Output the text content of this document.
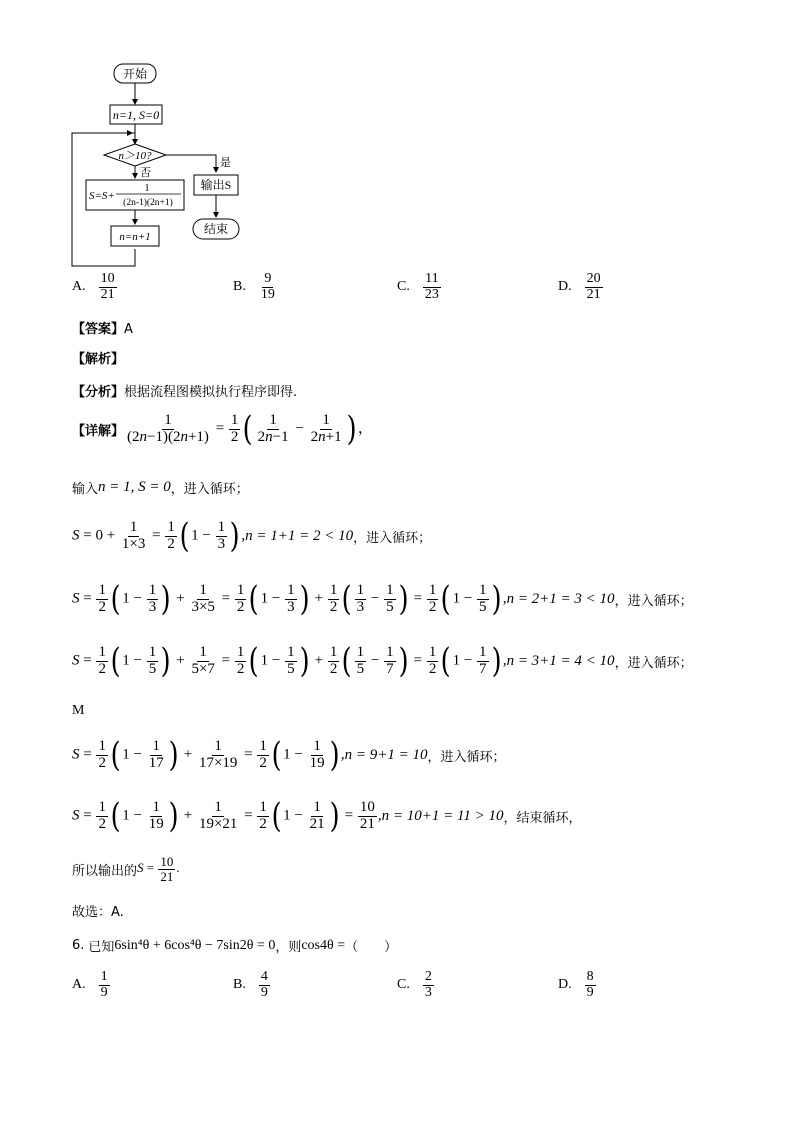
开始
n=1, S=0
n＞10?
是
输出S
结束
否
S=S+
1
(2n-1)(2n+1)
n=n+1
A. $\frac{10}{21}$	B. $\frac{9}{19}$	C. $\frac{11}{23}$	D. $\frac{20}{21}$
【答案】A
【解析】
【分析】根据流程图模拟执行程序即得.
【详解】 $\frac{1}{(2n-1)(2n+1)} = \frac{1}{2}$ ( $\frac{1}{2n-1} - \frac{1}{2n+1}$ ) ，
输入 n = 1, S = 0 ，进入循环；
$S = 0 + \frac{1}{1\times 3} = \frac{1}{2}$ ( $1 - \frac{1}{3}$ ) , n = 1+1 = 2 < 10 ，进入循环；
$S = \frac{1}{2}$ ( $1 - \frac{1}{3}$ ) + $\frac{1}{3\times 5} = \frac{1}{2}$ ( $1 - \frac{1}{3}$ ) + $\frac{1}{2}$ ( $\frac{1}{3} - \frac{1}{5}$ ) = $\frac{1}{2}$ ( $1 - \frac{1}{5}$ ) , n = 2+1 = 3 < 10 ，进入循环；
$S = \frac{1}{2}$ ( $1 - \frac{1}{5}$ ) + $\frac{1}{5\times 7} = \frac{1}{2}$ ( $1 - \frac{1}{5}$ ) + $\frac{1}{2}$ ( $\frac{1}{5} - \frac{1}{7}$ ) = $\frac{1}{2}$ ( $1 - \frac{1}{7}$ ) , n = 3+1 = 4 < 10 ，进入循环；
M
$S = \frac{1}{2}$ ( $1 - \frac{1}{17}$ ) + $\frac{1}{17\times 19} = \frac{1}{2}$ ( $1 - \frac{1}{19}$ ) , n = 9+1 = 10 ，进入循环；
$S = \frac{1}{2}$ ( $1 - \frac{1}{19}$ ) + $\frac{1}{19\times 21} = \frac{1}{2}$ ( $1 - \frac{1}{21}$ ) = $\frac{10}{21}$ , n = 10+1 = 11 > 10 ，结束循环，
所以输出的 $S = \frac{10}{21}$ .
故选：A.
6. 已知 6sin⁴θ + 6cos⁴θ − 7sin2θ = 0 ，则 cos4θ = （　　）
A. $\frac{1}{9}$	B. $\frac{4}{9}$	C. $\frac{2}{3}$	D. $\frac{8}{9}$
